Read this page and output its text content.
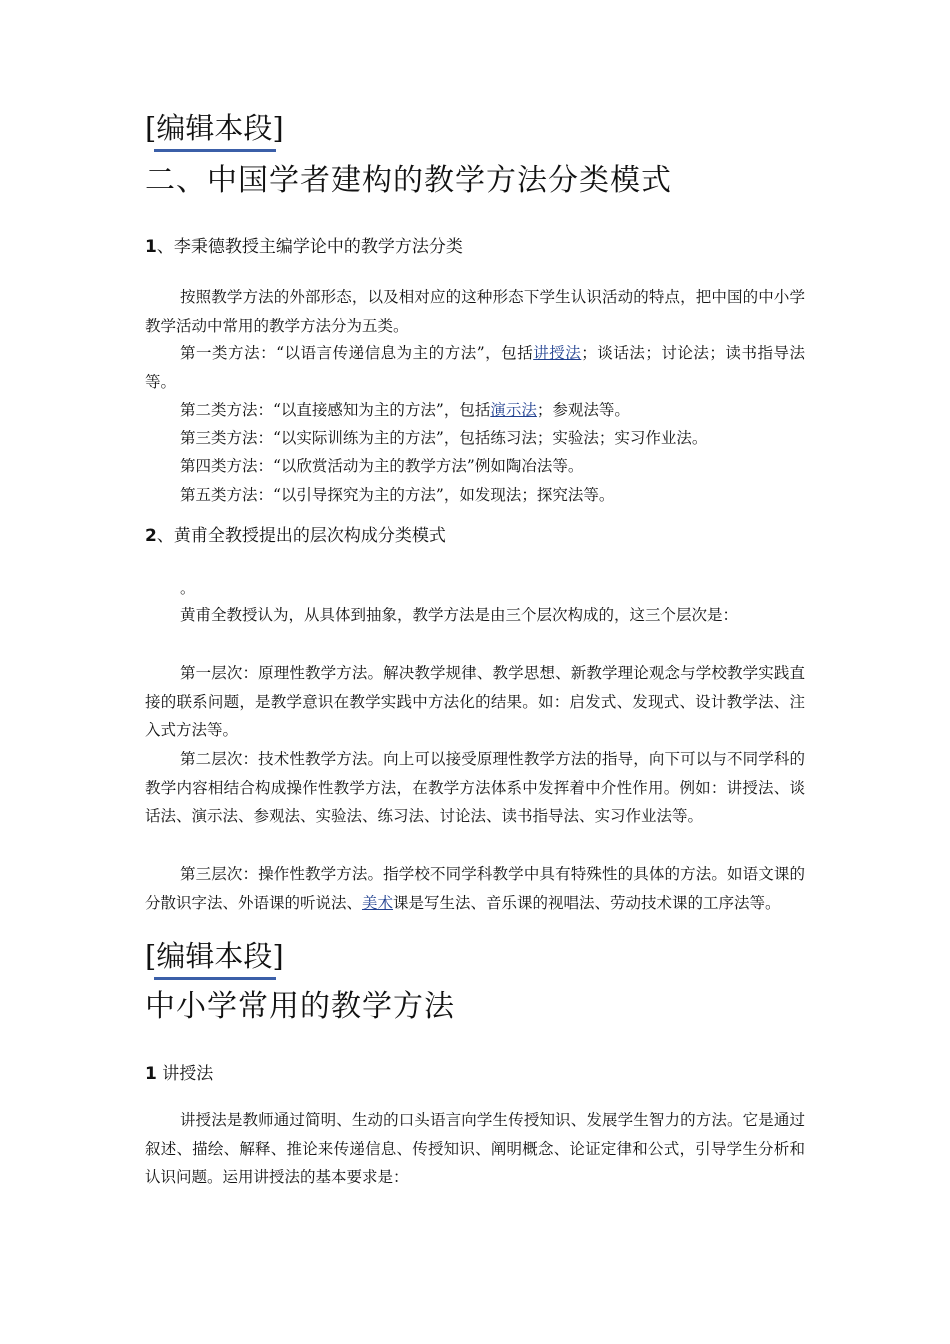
[编辑本段]
二、中国学者建构的教学方法分类模式
1、李秉德教授主编学论中的教学方法分类
按照教学方法的外部形态，以及相对应的这种形态下学生认识活动的特点，把中国的中小学教学活动中常用的教学方法分为五类。
第一类方法：“以语言传递信息为主的方法”，包括讲授法；谈话法；讨论法；读书指导法等。
第二类方法：“以直接感知为主的方法”，包括演示法；参观法等。
第三类方法：“以实际训练为主的方法”，包括练习法；实验法；实习作业法。
第四类方法：“以欣赏活动为主的教学方法”例如陶冶法等。
第五类方法：“以引导探究为主的方法”，如发现法；探究法等。
2、黄甫全教授提出的层次构成分类模式
。
黄甫全教授认为，从具体到抽象，教学方法是由三个层次构成的，这三个层次是：
第一层次：原理性教学方法。解决教学规律、教学思想、新教学理论观念与学校教学实践直接的联系问题，是教学意识在教学实践中方法化的结果。如：启发式、发现式、设计教学法、注入式方法等。
第二层次：技术性教学方法。向上可以接受原理性教学方法的指导，向下可以与不同学科的教学内容相结合构成操作性教学方法，在教学方法体系中发挥着中介性作用。例如：讲授法、谈话法、演示法、参观法、实验法、练习法、讨论法、读书指导法、实习作业法等。
第三层次：操作性教学方法。指学校不同学科教学中具有特殊性的具体的方法。如语文课的分散识字法、外语课的听说法、美术课是写生法、音乐课的视唱法、劳动技术课的工序法等。
[编辑本段]
中小学常用的教学方法
1 讲授法
讲授法是教师通过简明、生动的口头语言向学生传授知识、发展学生智力的方法。它是通过叙述、描绘、解释、推论来传递信息、传授知识、阐明概念、论证定律和公式，引导学生分析和认识问题。运用讲授法的基本要求是：
